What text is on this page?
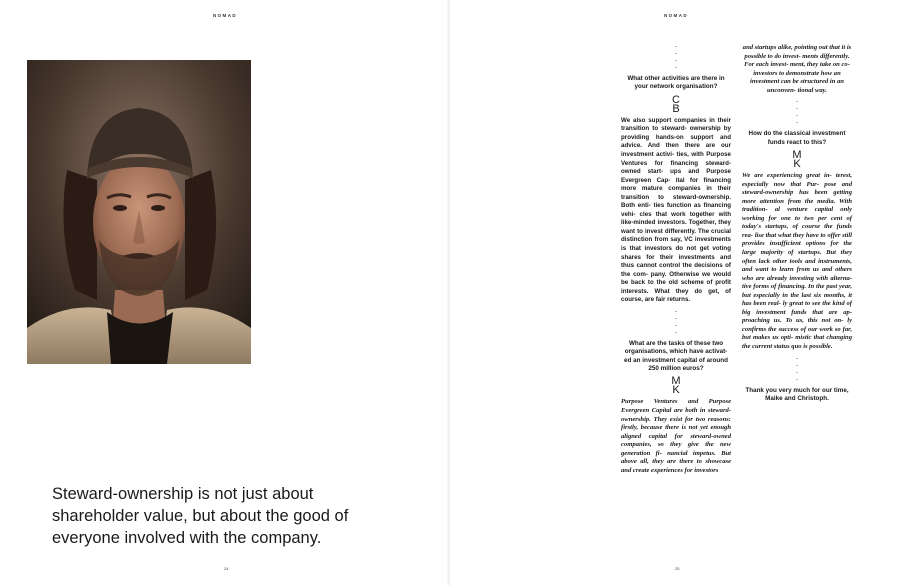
NOMAD

Steward-ownership is not just about shareholder value, but about the good of everyone involved with the company.

24
NOMAD
-
-
-
-
What other activities are there in your network organisation?
C
B

We also support companies in their transition to steward- ownership by providing hands-on support and advice. And then there are our investment activi- ties, with Purpose Ventures for financing steward-owned start- ups and Purpose Evergreen Cap- ital for financing more mature companies in their transition to steward-ownership. Both enti- ties function as financing vehi- cles that work together with like-minded investors. Together, they want to invest differently. The crucial distinction from say, VC investments is that investors do not get voting shares for their investments and thus cannot control the decisions of the com- pany. Otherwise we would be back to the old scheme of profit interests. What they do get, of course, are fair returns.

-
-
-
-
What are the tasks of these two organisations, which have activat- ed an investment capital of around 250 million euros?
M
K

Purpose Ventures and Purpose Evergreen Capital are both in steward-ownership. They exist for two reasons: firstly, because there is not yet enough aligned capital for steward-owned companies, so they give the new generation fi- nancial impetus. But above all, they are there to showcase and create experiences for investors

and startups alike, pointing out that it is possible to do invest- ments differently. For each invest- ment, they take on co-investors to demonstrate how an investment can be structured in an unconven- tional way.

-
-
-
-
How do the classical investment funds react to this?
M
K

We are experiencing great in- terest, especially now that Pur- pose and steward-ownership has been getting more attention from the media. With tradition- al venture capital only working for one to two per cent of today's startups, of course the funds rea- lise that what they have to offer still provides insufficient options for the large majority of startups. But they often lack other tools and instruments, and want to learn from us and others who are already investing with alterna- tive forms of financing. In the past year, but especially in the last six months, it has been real- ly great to see the kind of big investment funds that are ap- proaching us. To us, this not on- ly confirms the success of our work so far, but makes us opti- mistic that changing the current status quo is possible.

-
-
-
-
Thank you very much for our time, Maike and Christoph.
25
